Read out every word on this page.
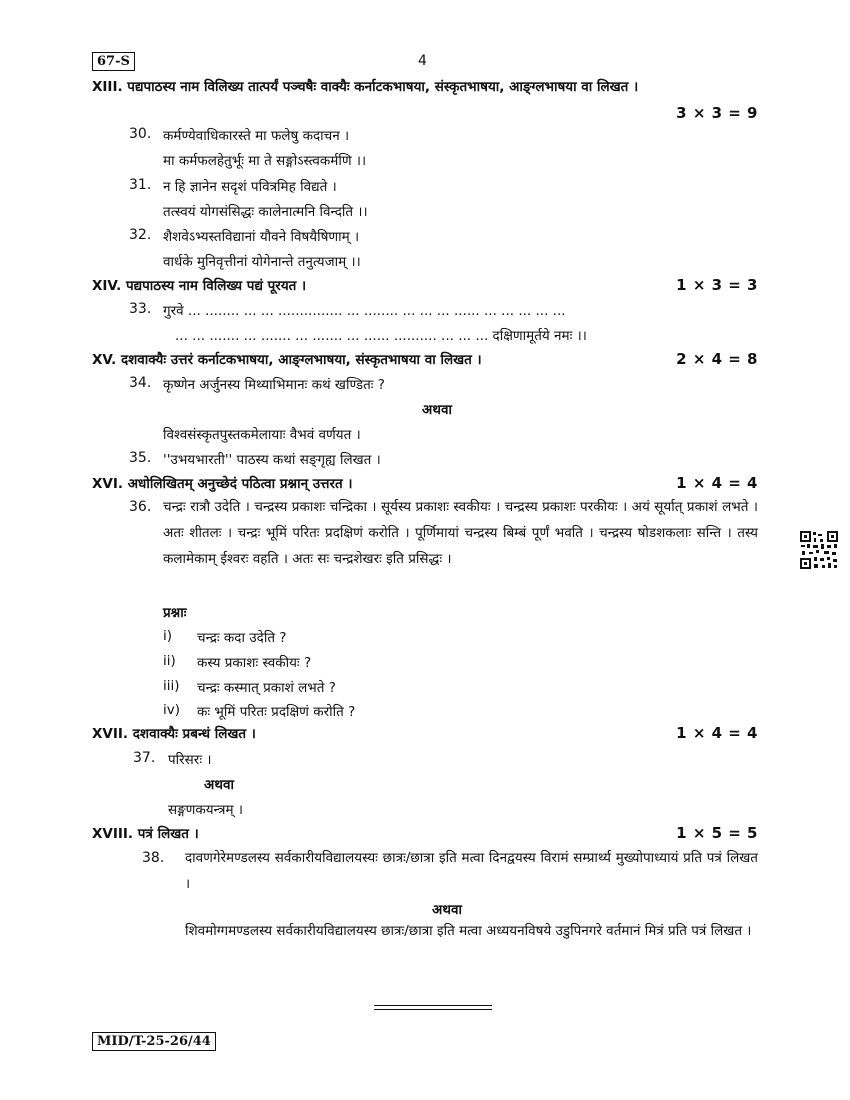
67-S	4
XIII. पद्यपाठस्य नाम विलिख्य तात्पर्यं पञ्चषैः वाक्यैः कर्नाटकभाषया, संस्कृतभाषया, आङ्ग्लभाषया वा लिखत ।
3 × 3 = 9
30. कर्मण्येवाधिकारस्ते मा फलेषु कदाचन ।
मा कर्मफलहेतुर्भूः मा ते सङ्गोऽस्त्वकर्मणि ।।
31. न हि ज्ञानेन सदृशं पवित्रमिह विद्यते ।
तत्स्वयं योगसंसिद्धः कालेनात्मनि विन्दति ।।
32. शैशवेऽभ्यस्तविद्यानां यौवने विषयैषिणाम् ।
वार्धके मुनिवृत्तीनां योगेनान्ते तनुत्यजाम् ।।
XIV. पद्यपाठस्य नाम विलिख्य पद्यं पूरयत ।	1 × 3 = 3
33. गुरवे ... ........ ... ... ............... ... ........ ... ... ... ...... ... ... ... ... ...
... ... ....... ... ....... ... ....... ... ...... .......... ... ... ... दक्षिणामूर्तये नमः ।।
XV. दशवाक्यैः उत्तरं कर्नाटकभाषया, आङ्ग्लभाषया, संस्कृतभाषया वा लिखत ।	2 × 4 = 8
34. कृष्णेन अर्जुनस्य मिथ्याभिमानः कथं खण्डितः ?
अथवा
विश्वसंस्कृतपुस्तकमेलायाः वैभवं वर्णयत ।
35. ''उभयभारती'' पाठस्य कथां सङ्गृह्य लिखत ।
XVI. अधोलिखितम् अनुच्छेदं पठित्वा प्रश्नान् उत्तरत ।	1 × 4 = 4
36. चन्द्रः रात्रौ उदेति । चन्द्रस्य प्रकाशः चन्द्रिका । सूर्यस्य प्रकाशः स्वकीयः । चन्द्रस्य प्रकाशः परकीयः । अयं सूर्यात् प्रकाशं लभते । अतः शीतलः । चन्द्रः भूमिं परितः प्रदक्षिणं करोति । पूर्णिमायां चन्द्रस्य बिम्बं पूर्णं भवति । चन्द्रस्य षोडशकलाः सन्ति । तस्य कलामेकाम् ईश्वरः वहति । अतः सः चन्द्रशेखरः इति प्रसिद्धः ।
प्रश्नाः
i) चन्द्रः कदा उदेति ?
ii) कस्य प्रकाशः स्वकीयः ?
iii) चन्द्रः कस्मात् प्रकाशं लभते ?
iv) कः भूमिं परितः प्रदक्षिणं करोति ?
XVII. दशवाक्यैः प्रबन्धं लिखत ।	1 × 4 = 4
37. परिसरः ।
अथवा
सङ्गणकयन्त्रम् ।
XVIII. पत्रं लिखत ।	1 × 5 = 5
38. दावणगेरेमण्डलस्य सर्वकारीयविद्यालयस्यः छात्रः/छात्रा इति मत्वा दिनद्वयस्य विरामं सम्प्रार्थ्य मुख्योपाध्यायं प्रति पत्रं लिखत ।
अथवा
शिवमोग्गमण्डलस्य सर्वकारीयविद्यालयस्य छात्रः/छात्रा इति मत्वा अध्ययनविषये उडुपिनगरे वर्तमानं मित्रं प्रति पत्रं लिखत ।
MID/T-25-26/44
